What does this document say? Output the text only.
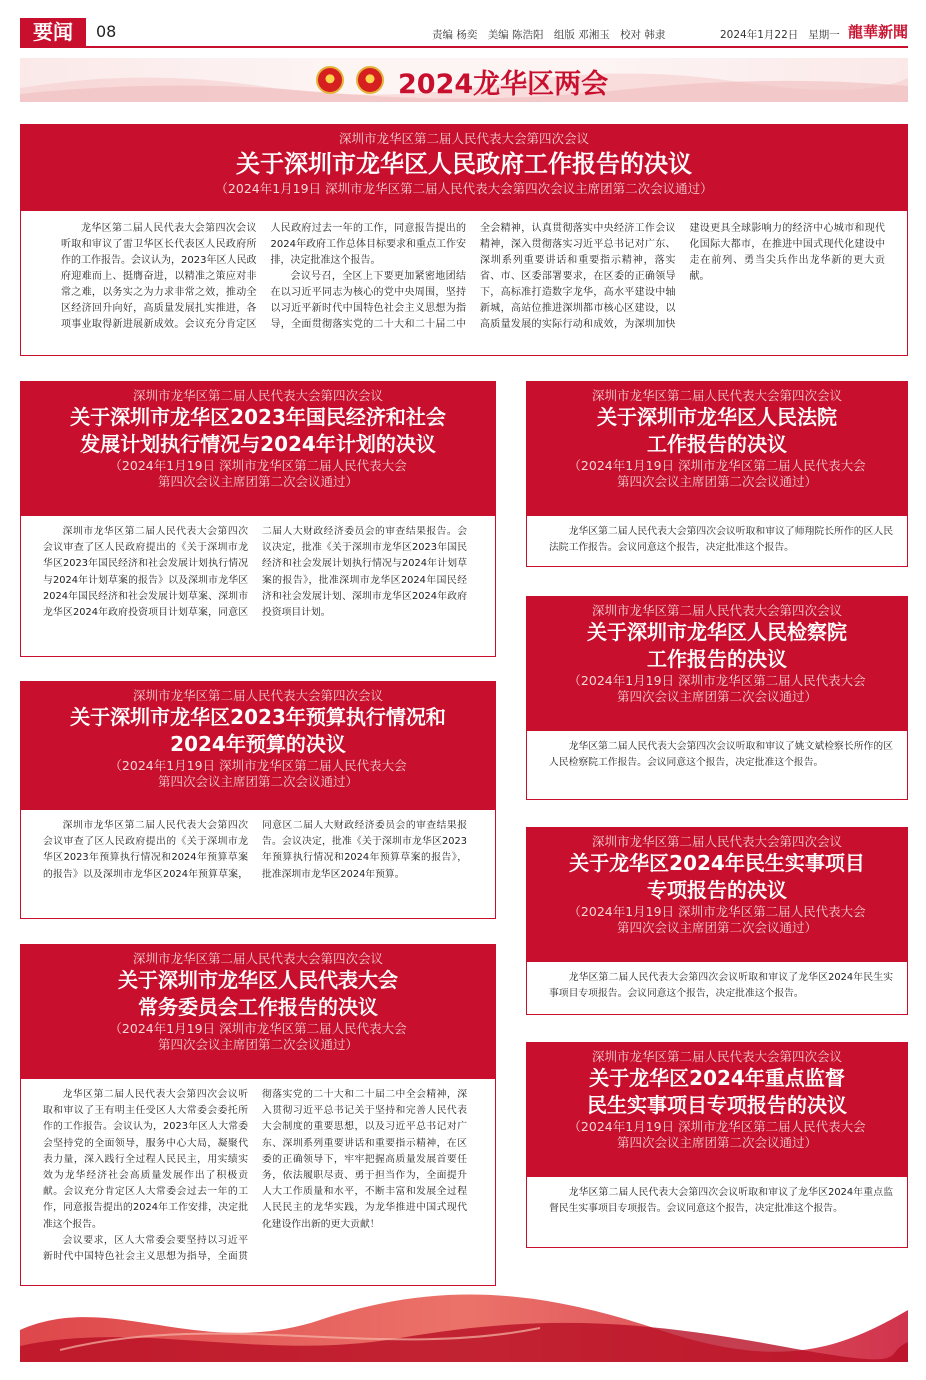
要闻	08	责编 杨奕 美编 陈浩阳 组版 邓湘玉 校对 韩隶	2024年1月22日 星期一 龍華新聞
2024龙华区两会
深圳市龙华区第二届人民代表大会第四次会议
关于深圳市龙华区人民政府工作报告的决议
（2024年1月19日 深圳市龙华区第二届人民代表大会第四次会议主席团第二次会议通过）

龙华区第二届人民代表大会第四次会议听取和审议了雷卫华区长代表区人民政府所作的工作报告。会议认为，2023年区人民政府迎难而上、挺膺奋进，以精准之策应对非常之难，以务实之为力求非常之效，推动全区经济回升向好，高质量发展扎实推进，各项事业取得新进展新成效。会议充分肯定区人民政府过去一年的工作，同意报告提出的2024年政府工作总体目标要求和重点工作安排，决定批准这个报告。

会议号召，全区上下要更加紧密地团结在以习近平同志为核心的党中央周围，坚持以习近平新时代中国特色社会主义思想为指导，全面贯彻落实党的二十大和二十届二中全会精神，认真贯彻落实中央经济工作会议精神，深入贯彻落实习近平总书记对广东、深圳系列重要讲话和重要指示精神，落实省、市、区委部署要求，在区委的正确领导下，高标准打造数字龙华，高水平建设中轴新城，高站位推进深圳都市核心区建设，以高质量发展的实际行动和成效，为深圳加快建设更具全球影响力的经济中心城市和现代化国际大都市，在推进中国式现代化建设中走在前列、勇当尖兵作出龙华新的更大贡献。

深圳市龙华区第二届人民代表大会第四次会议
关于深圳市龙华区2023年国民经济和社会
发展计划执行情况与2024年计划的决议
（2024年1月19日 深圳市龙华区第二届人民代表大会
第四次会议主席团第二次会议通过）

深圳市龙华区第二届人民代表大会第四次会议审查了区人民政府提出的《关于深圳市龙华区2023年国民经济和社会发展计划执行情况与2024年计划草案的报告》以及深圳市龙华区2024年国民经济和社会发展计划草案、深圳市龙华区2024年政府投资项目计划草案，同意区二届人大财政经济委员会的审查结果报告。会议决定，批准《关于深圳市龙华区2023年国民经济和社会发展计划执行情况与2024年计划草案的报告》，批准深圳市龙华区2024年国民经济和社会发展计划、深圳市龙华区2024年政府投资项目计划。

深圳市龙华区第二届人民代表大会第四次会议
关于深圳市龙华区2023年预算执行情况和
2024年预算的决议
（2024年1月19日 深圳市龙华区第二届人民代表大会
第四次会议主席团第二次会议通过）

深圳市龙华区第二届人民代表大会第四次会议审查了区人民政府提出的《关于深圳市龙华区2023年预算执行情况和2024年预算草案的报告》以及深圳市龙华区2024年预算草案，同意区二届人大财政经济委员会的审查结果报告。会议决定，批准《关于深圳市龙华区2023年预算执行情况和2024年预算草案的报告》，批准深圳市龙华区2024年预算。

深圳市龙华区第二届人民代表大会第四次会议
关于深圳市龙华区人民代表大会
常务委员会工作报告的决议
（2024年1月19日 深圳市龙华区第二届人民代表大会
第四次会议主席团第二次会议通过）

龙华区第二届人民代表大会第四次会议听取和审议了王有明主任受区人大常委会委托所作的工作报告。会议认为，2023年区人大常委会坚持党的全面领导，服务中心大局，凝聚代表力量，深入践行全过程人民民主，用实绩实效为龙华经济社会高质量发展作出了积极贡献。会议充分肯定区人大常委会过去一年的工作，同意报告提出的2024年工作安排，决定批准这个报告。

会议要求，区人大常委会要坚持以习近平新时代中国特色社会主义思想为指导，全面贯彻落实党的二十大和二十届二中全会精神，深入贯彻习近平总书记关于坚持和完善人民代表大会制度的重要思想，以及习近平总书记对广东、深圳系列重要讲话和重要指示精神，在区委的正确领导下，牢牢把握高质量发展首要任务，依法履职尽责、勇于担当作为，全面提升人大工作质量和水平，不断丰富和发展全过程人民民主的龙华实践，为龙华推进中国式现代化建设作出新的更大贡献！

深圳市龙华区第二届人民代表大会第四次会议
关于深圳市龙华区人民法院
工作报告的决议
（2024年1月19日 深圳市龙华区第二届人民代表大会
第四次会议主席团第二次会议通过）

龙华区第二届人民代表大会第四次会议听取和审议了师翔院长所作的区人民法院工作报告。会议同意这个报告，决定批准这个报告。

深圳市龙华区第二届人民代表大会第四次会议
关于深圳市龙华区人民检察院
工作报告的决议
（2024年1月19日 深圳市龙华区第二届人民代表大会
第四次会议主席团第二次会议通过）

龙华区第二届人民代表大会第四次会议听取和审议了姚文斌检察长所作的区人民检察院工作报告。会议同意这个报告，决定批准这个报告。

深圳市龙华区第二届人民代表大会第四次会议
关于龙华区2024年民生实事项目
专项报告的决议
（2024年1月19日 深圳市龙华区第二届人民代表大会
第四次会议主席团第二次会议通过）

龙华区第二届人民代表大会第四次会议听取和审议了龙华区2024年民生实事项目专项报告。会议同意这个报告，决定批准这个报告。

深圳市龙华区第二届人民代表大会第四次会议
关于龙华区2024年重点监督
民生实事项目专项报告的决议
（2024年1月19日 深圳市龙华区第二届人民代表大会
第四次会议主席团第二次会议通过）

龙华区第二届人民代表大会第四次会议听取和审议了龙华区2024年重点监督民生实事项目专项报告。会议同意这个报告，决定批准这个报告。
